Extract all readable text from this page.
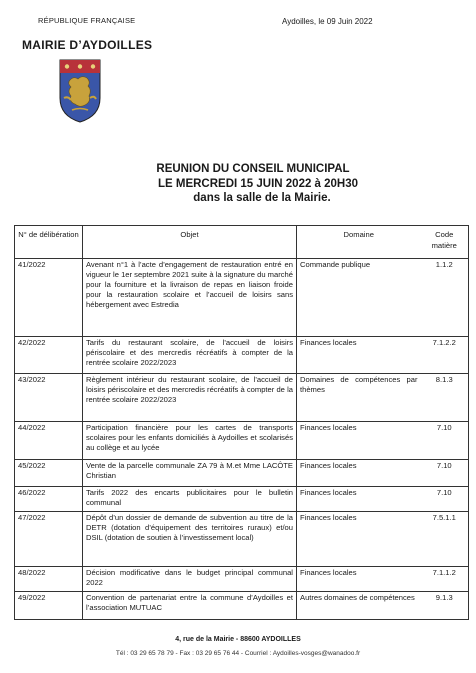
RÉPUBLIQUE FRANÇAISE
MAIRIE D’AYDOILLES
Aydoilles, le 09 Juin 2022
REUNION DU CONSEIL MUNICIPAL
LE MERCREDI 15 JUIN 2022 à 20H30
dans la salle de la Mairie.
N° de délibération	Objet	Domaine	Code matière
41/2022	Avenant n°1 à l’acte d’engagement de restauration entré en vigueur le 1er septembre 2021 suite à la signature du marché pour la fourniture et la livraison de repas en liaison froide pour la restauration scolaire et l’accueil de loisirs sans hébergement avec Estredia	Commande publique	1.1.2
42/2022	Tarifs du restaurant scolaire, de l’accueil de loisirs périscolaire et des mercredis récréatifs à compter de la rentrée scolaire 2022/2023	Finances locales	7.1.2.2
43/2022	Règlement intérieur du restaurant scolaire, de l’accueil de loisirs périscolaire et des mercredis récréatifs à compter de la rentrée scolaire 2022/2023	Domaines de compétences par thèmes	8.1.3
44/2022	Participation financière pour les cartes de transports scolaires pour les enfants domiciliés à Aydoilles et scolarisés au collège et au lycée	Finances locales	7.10
45/2022	Vente de la parcelle communale ZA 79 à M.et Mme LACÔTE Christian	Finances locales	7.10
46/2022	Tarifs 2022 des encarts publicitaires pour le bulletin communal	Finances locales	7.10
47/2022	Dépôt d’un dossier de demande de subvention au titre de la DETR (dotation d’équipement des territoires ruraux) et/ou DSIL (dotation de soutien à l’investissement local)	Finances locales	7.5.1.1
48/2022	Décision modificative dans le budget principal communal 2022	Finances locales	7.1.1.2
49/2022	Convention de partenariat entre la commune d’Aydoilles et l’association MUTUAC	Autres domaines de compétences	9.1.3
4, rue de la Mairie - 88600 AYDOILLES
Tél : 03 29 65 78 79 - Fax : 03 29 65 76 44 - Courriel : Aydoilles-vosges@wanadoo.fr
